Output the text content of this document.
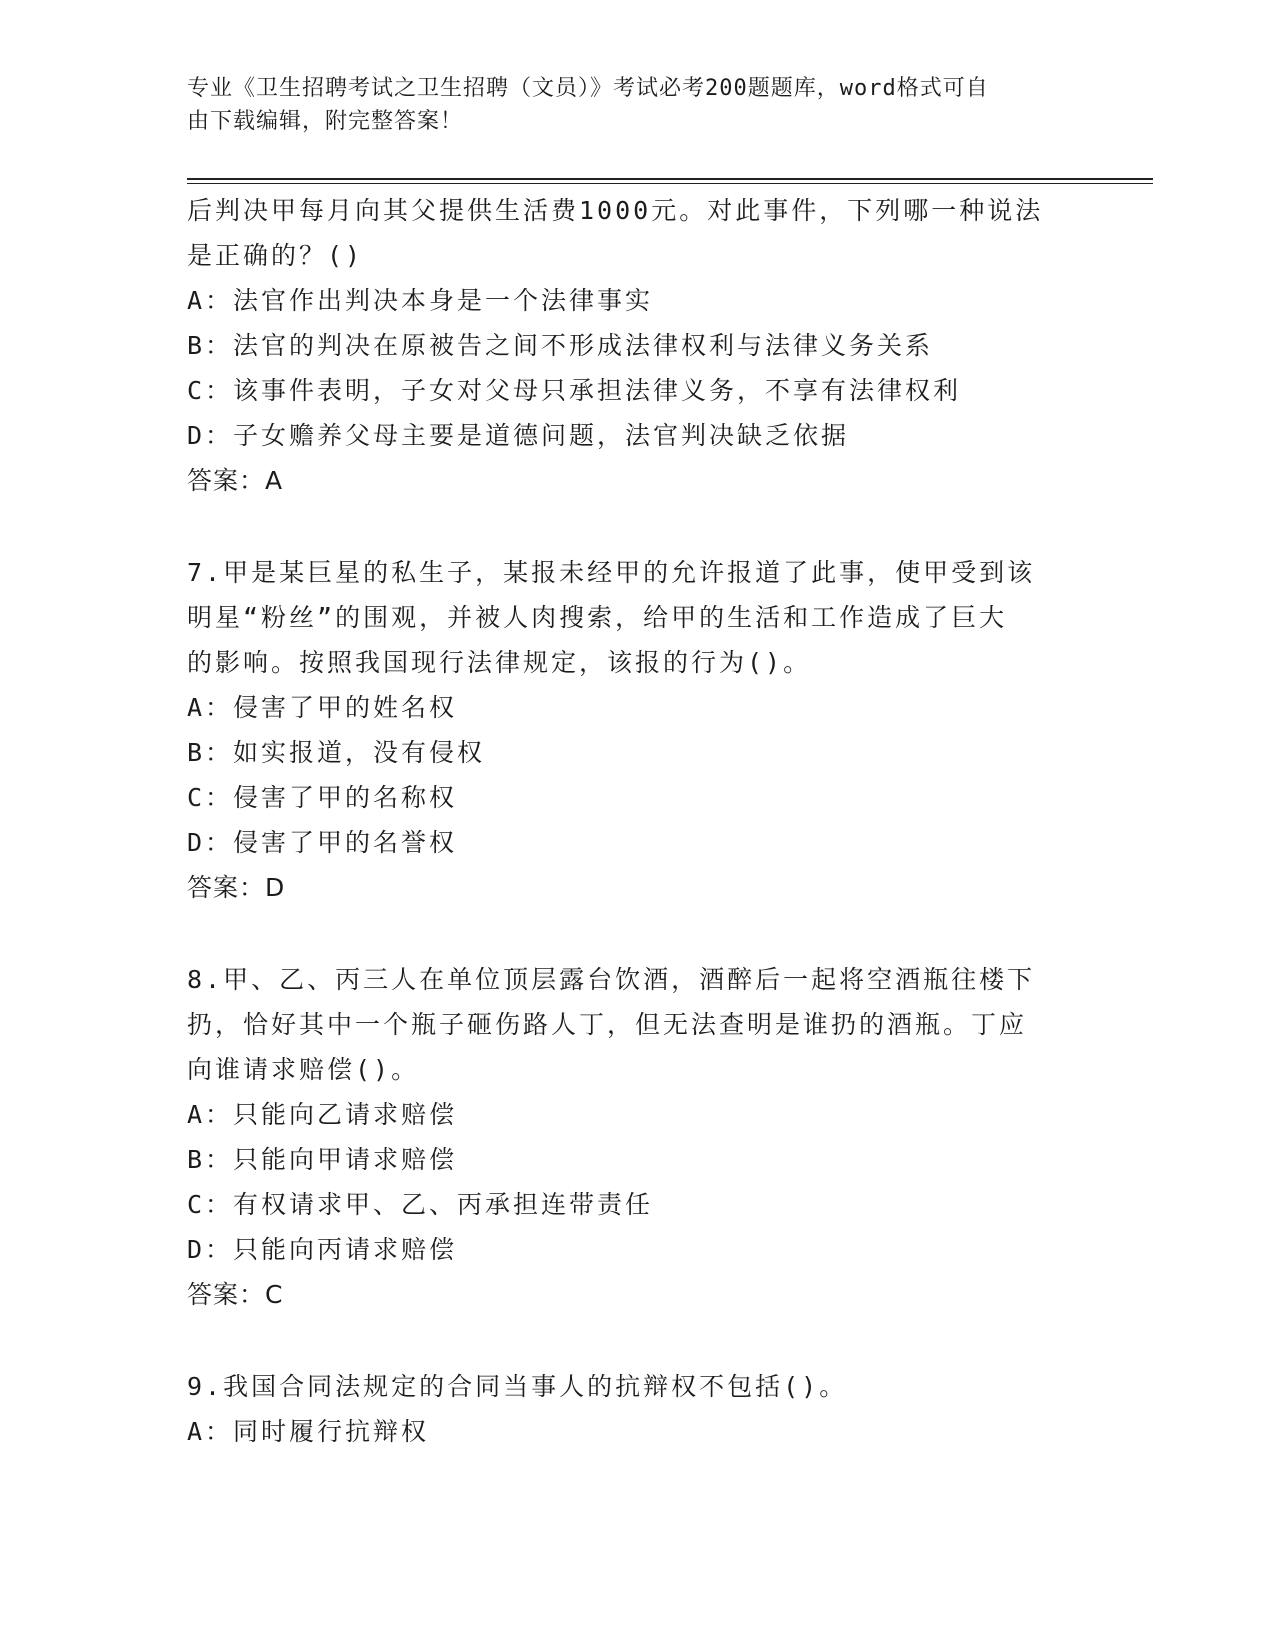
专业《卫生招聘考试之卫生招聘（文员）》考试必考200题题库，word格式可自
由下载编辑，附完整答案！
后判决甲每月向其父提供生活费1000元。对此事件，下列哪一种说法
是正确的？()
A：法官作出判决本身是一个法律事实
B：法官的判决在原被告之间不形成法律权利与法律义务关系
C：该事件表明，子女对父母只承担法律义务，不享有法律权利
D：子女赡养父母主要是道德问题，法官判决缺乏依据
答案：A
7.甲是某巨星的私生子，某报未经甲的允许报道了此事，使甲受到该
明星“粉丝”的围观，并被人肉搜索，给甲的生活和工作造成了巨大
的影响。按照我国现行法律规定，该报的行为()。
A：侵害了甲的姓名权
B：如实报道，没有侵权
C：侵害了甲的名称权
D：侵害了甲的名誉权
答案：D
8.甲、乙、丙三人在单位顶层露台饮酒，酒醉后一起将空酒瓶往楼下
扔，恰好其中一个瓶子砸伤路人丁，但无法查明是谁扔的酒瓶。丁应
向谁请求赔偿()。
A：只能向乙请求赔偿
B：只能向甲请求赔偿
C：有权请求甲、乙、丙承担连带责任
D：只能向丙请求赔偿
答案：C
9.我国合同法规定的合同当事人的抗辩权不包括()。
A：同时履行抗辩权
